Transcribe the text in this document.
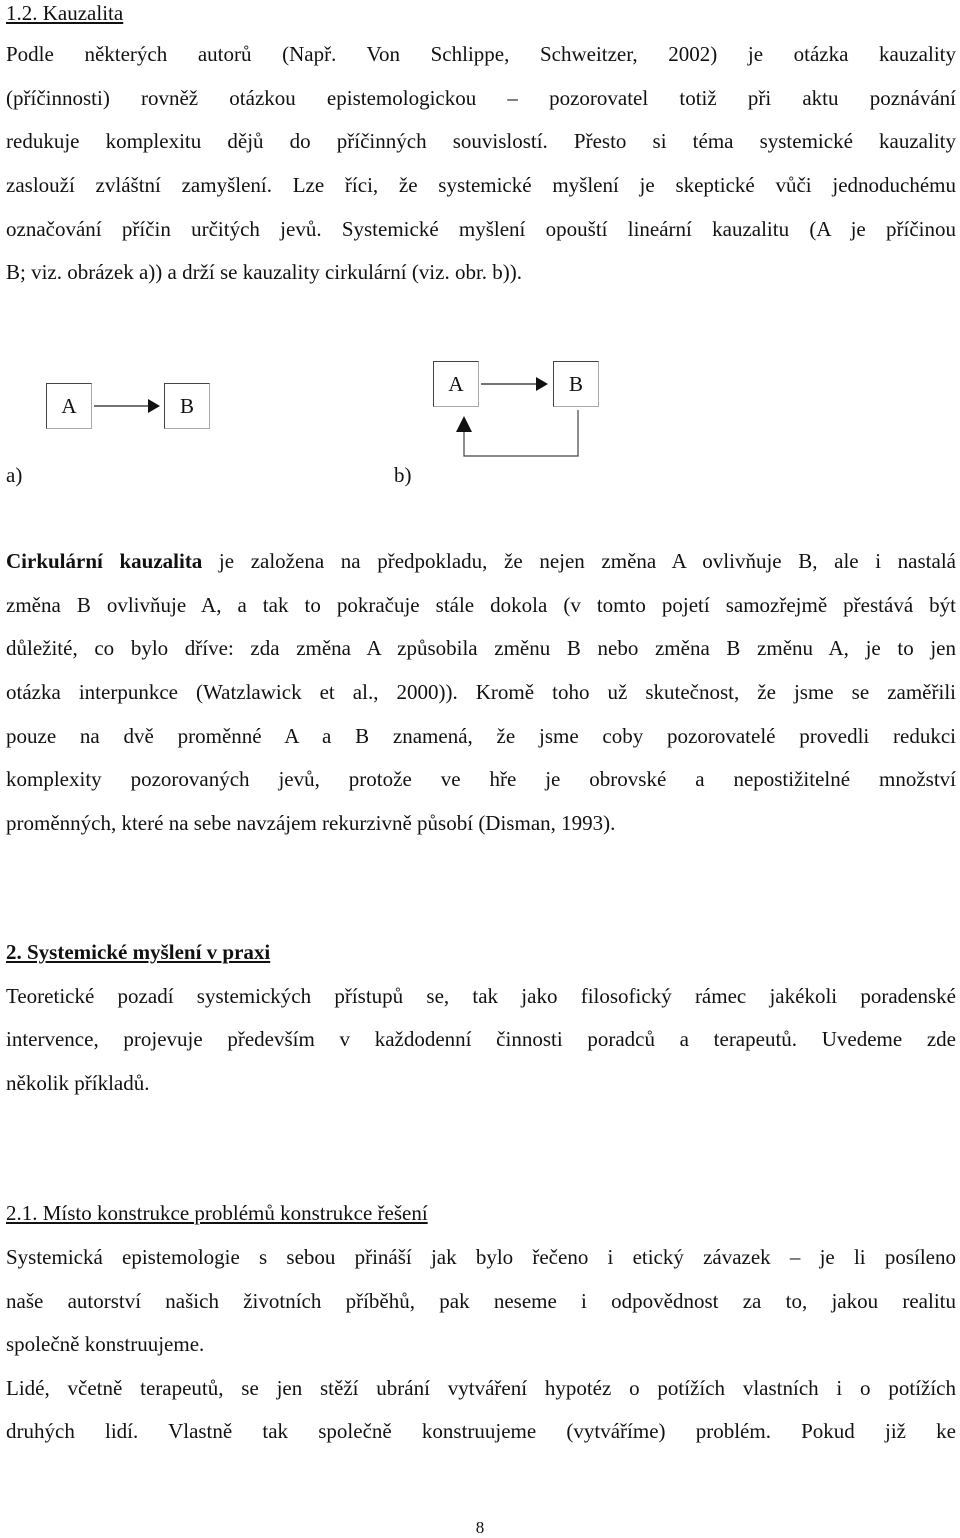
1.2. Kauzalita
Podle některých autorů (Např. Von Schlippe, Schweitzer, 2002) je otázka kauzality
(příčinnosti) rovněž otázkou epistemologickou – pozorovatel totiž při aktu poznávání
redukuje komplexitu dějů do příčinných souvislostí. Přesto si téma systemické kauzality
zaslouží zvláštní zamyšlení. Lze říci, že systemické myšlení je skeptické vůči jednoduchému
označování příčin určitých jevů. Systemické myšlení opouští lineární kauzalitu (A je příčinou
B; viz. obrázek a)) a drží se kauzality cirkulární (viz. obr. b)).
A	B
A	B
a)	b)
Cirkulární kauzalita je založena na předpokladu, že nejen změna A ovlivňuje B, ale i nastalá
změna B ovlivňuje A, a tak to pokračuje stále dokola (v tomto pojetí samozřejmě přestává být
důležité, co bylo dříve: zda změna A způsobila změnu B nebo změna B změnu A, je to jen
otázka interpunkce (Watzlawick et al., 2000)). Kromě toho už skutečnost, že jsme se zaměřili
pouze na dvě proměnné A a B znamená, že jsme coby pozorovatelé provedli redukci
komplexity pozorovaných jevů, protože ve hře je obrovské a nepostižitelné množství
proměnných, které na sebe navzájem rekurzivně působí (Disman, 1993).
2. Systemické myšlení v praxi
Teoretické pozadí systemických přístupů se, tak jako filosofický rámec jakékoli poradenské
intervence, projevuje především v každodenní činnosti poradců a terapeutů. Uvedeme zde
několik příkladů.
2.1. Místo konstrukce problémů konstrukce řešení
Systemická epistemologie s sebou přináší jak bylo řečeno i etický závazek – je li posíleno
naše autorství našich životních příběhů, pak neseme i odpovědnost za to, jakou realitu
společně konstruujeme.
Lidé, včetně terapeutů, se jen stěží ubrání vytváření hypotéz o potížích vlastních i o potížích
druhých lidí. Vlastně tak společně konstruujeme (vytváříme) problém. Pokud již ke
8
